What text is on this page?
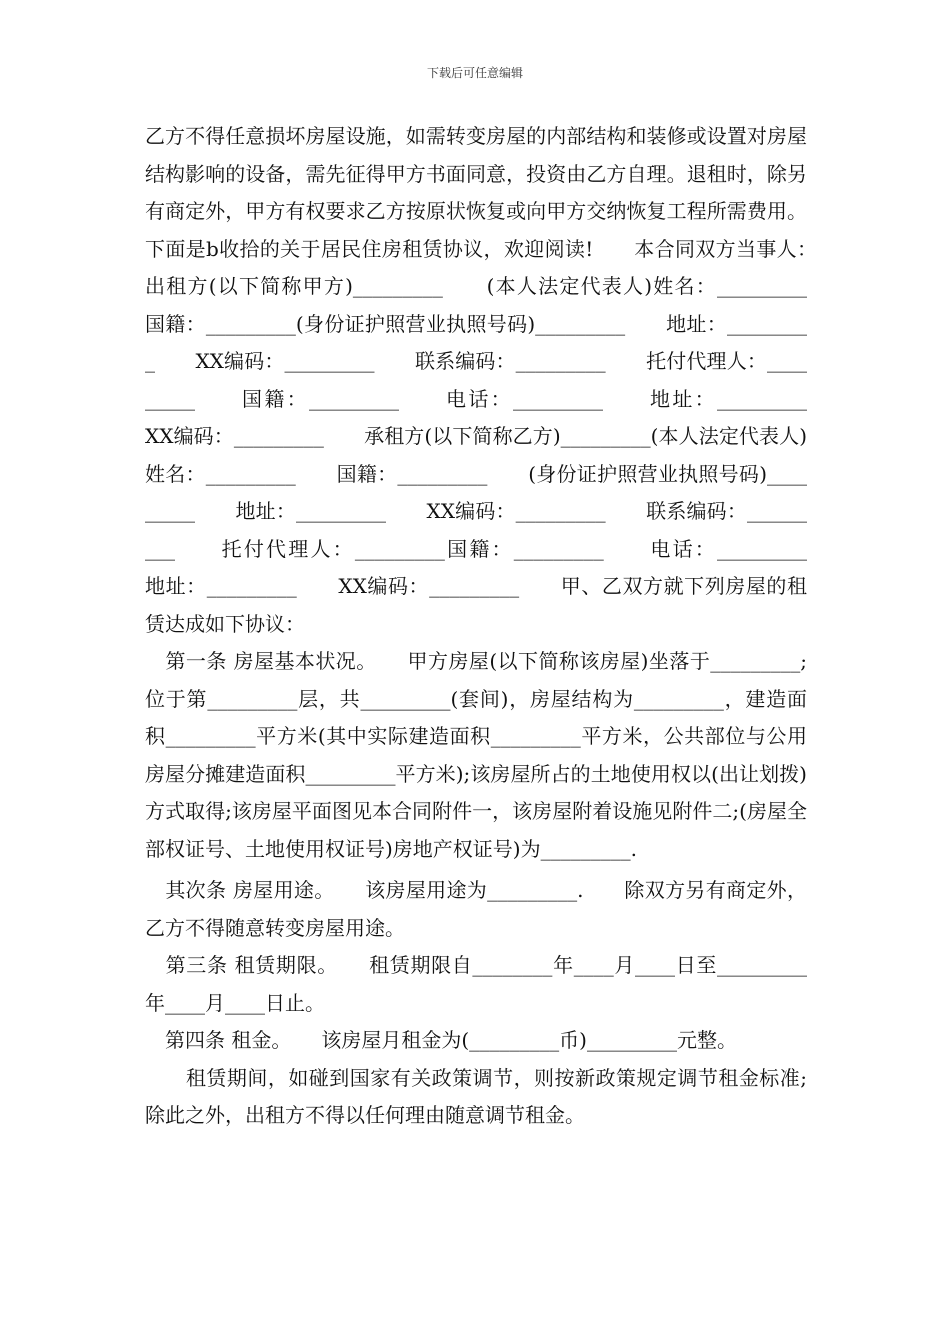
下载后可任意编辑

乙方不得任意损坏房屋设施，如需转变房屋的内部结构和装修或设置对房屋结构影响的设备，需先征得甲方书面同意，投资由乙方自理。退租时，除另有商定外，甲方有权要求乙方按原状恢复或向甲方交纳恢复工程所需费用。下面是b收拾的关于居民住房租赁协议，欢迎阅读!　　本合同双方当事人：　　出租方(以下简称甲方)_________　　(本人法定代表人)姓名：_________　　国籍：_________(身份证护照营业执照号码)_________　　地址：_________　　XX编码：_________　　联系编码：_________　　托付代理人：_________　　国籍：_________　　电话：_________　　地址：_________　　XX编码：_________　　承租方(以下简称乙方)_________(本人法定代表人)姓名：_________　　国籍：_________　　(身份证护照营业执照号码)_________　　地址：_________　　XX编码：_________　　联系编码：_________　　托付代理人：_________国籍：_________　　电话：_________　　地址：_________　　XX编码：_________　　甲、乙双方就下列房屋的租赁达成如下协议：

　第一条 房屋基本状况。　　甲方房屋(以下简称该房屋)坐落于_________;位于第_________层，共_________(套间)，房屋结构为_________，建造面积_________平方米(其中实际建造面积_________平方米，公共部位与公用房屋分摊建造面积_________平方米);该房屋所占的土地使用权以(出让划拨)方式取得;该房屋平面图见本合同附件一，该房屋附着设施见附件二;(房屋全部权证号、土地使用权证号)房地产权证号)为_________.

　其次条 房屋用途。　　该房屋用途为_________.　　除双方另有商定外，乙方不得随意转变房屋用途。

　第三条 租赁期限。　　租赁期限自________年____月____日至_________年____月____日止。

　第四条 租金。　　该房屋月租金为(_________币)_________元整。

　　租赁期间，如碰到国家有关政策调节，则按新政策规定调节租金标准;除此之外，出租方不得以任何理由随意调节租金。
